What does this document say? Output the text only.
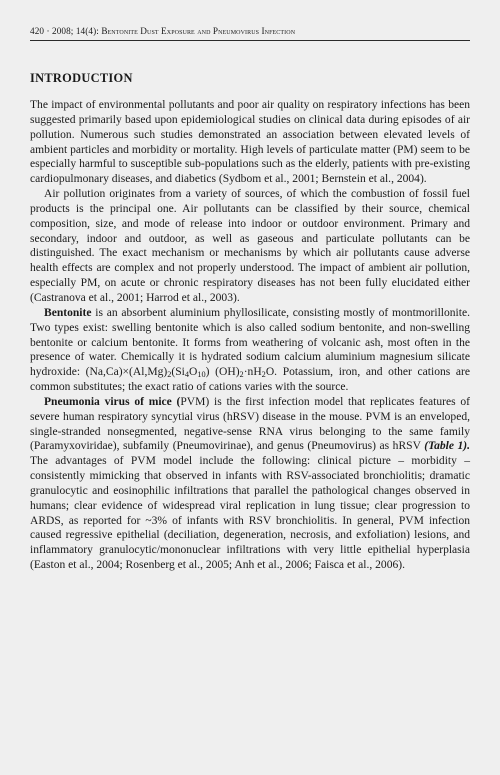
420 · 2008; 14(4): Bentonite Dust Exposure and Pneumovirus Infection
INTRODUCTION

The impact of environmental pollutants and poor air quality on respiratory infections has been suggested primarily based upon epidemiological studies on clinical data during episodes of air pollution. Numerous such studies demonstrated an association between elevated levels of ambient particles and morbidity or mortality. High levels of particulate matter (PM) seem to be especially harmful to susceptible sub-populations such as the elderly, patients with pre-existing cardiopulmonary diseases, and diabetics (Sydbom et al., 2001; Bernstein et al., 2004).

Air pollution originates from a variety of sources, of which the combustion of fossil fuel products is the principal one. Air pollutants can be classified by their source, chemical composition, size, and mode of release into indoor or outdoor environment. Primary and secondary, indoor and outdoor, as well as gaseous and particulate pollutants can be distinguished. The exact mechanism or mechanisms by which air pollutants cause adverse health effects are complex and not properly understood. The impact of ambient air pollution, especially PM, on acute or chronic respiratory diseases has not been fully elucidated either (Castranova et al., 2001; Harrod et al., 2003).

Bentonite is an absorbent aluminium phyllosilicate, consisting mostly of montmorillonite. Two types exist: swelling bentonite which is also called sodium bentonite, and non-swelling bentonite or calcium bentonite. It forms from weathering of volcanic ash, most often in the presence of water. Chemically it is hydrated sodium calcium aluminium magnesium silicate hydroxide: $(Na,Ca)\times(Al,Mg)_2(Si_4O_{10})$ $(OH)_2\cdot nH_2O$. Potassium, iron, and other cations are common substitutes; the exact ratio of cations varies with the source.

Pneumonia virus of mice (PVM) is the first infection model that replicates features of severe human respiratory syncytial virus (hRSV) disease in the mouse. PVM is an enveloped, single-stranded nonsegmented, negative-sense RNA virus belonging to the same family (Paramyxoviridae), subfamily (Pneumovirinae), and genus (Pneumovirus) as hRSV (Table 1). The advantages of PVM model include the following: clinical picture – morbidity – consistently mimicking that observed in infants with RSV-associated bronchiolitis; dramatic granulocytic and eosinophilic infiltrations that parallel the pathological changes observed in humans; clear evidence of widespread viral replication in lung tissue; clear progression to ARDS, as reported for ~3% of infants with RSV bronchiolitis. In general, PVM infection caused regressive epithelial (deciliation, degeneration, necrosis, and exfoliation) lesions, and inflammatory granulocytic/mononuclear infiltrations with very little epithelial hyperplasia (Easton et al., 2004; Rosenberg et al., 2005; Anh et al., 2006; Faisca et al., 2006).
